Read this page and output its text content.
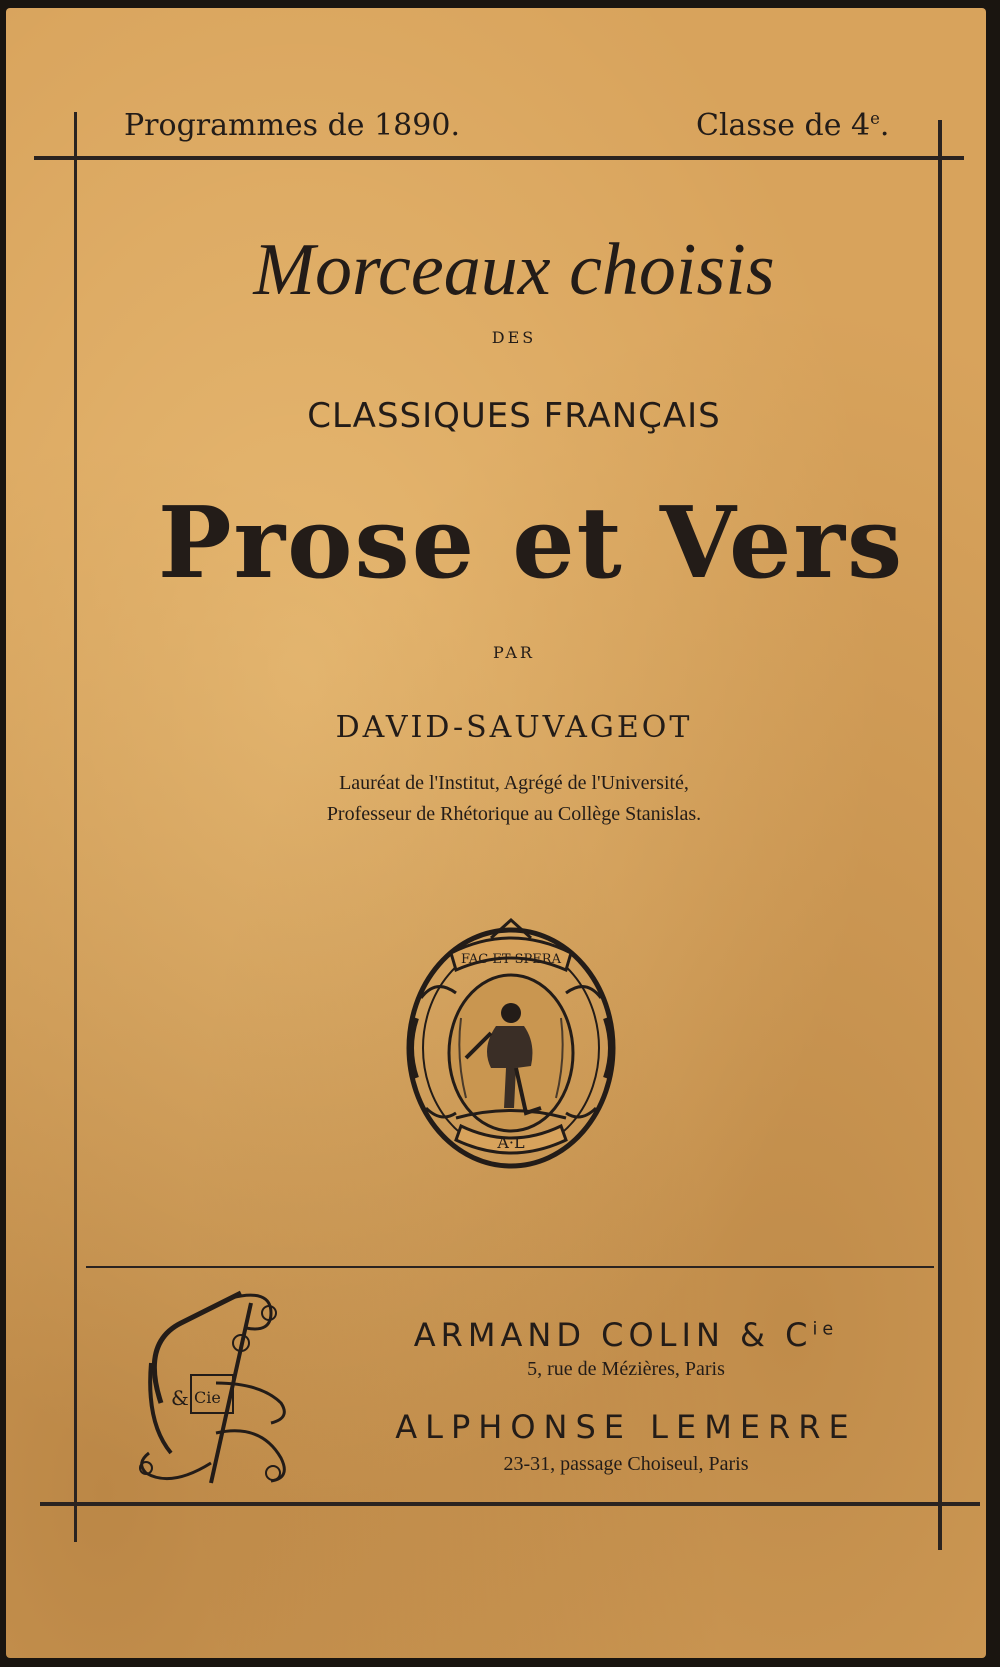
Programmes de 1890.	Classe de 4e.
Morceaux choisis
DES
CLASSIQUES FRANÇAIS
Prose et Vers
PAR
DAVID-SAUVAGEOT
Lauréat de l'Institut, Agrégé de l'Université,
Professeur de Rhétorique au Collège Stanislas.
FAC ET SPERA
A·L
& Cie
ARMAND COLIN & $C^{ie}$
5, rue de Mézières, Paris
ALPHONSE LEMERRE
23-31, passage Choiseul, Paris
